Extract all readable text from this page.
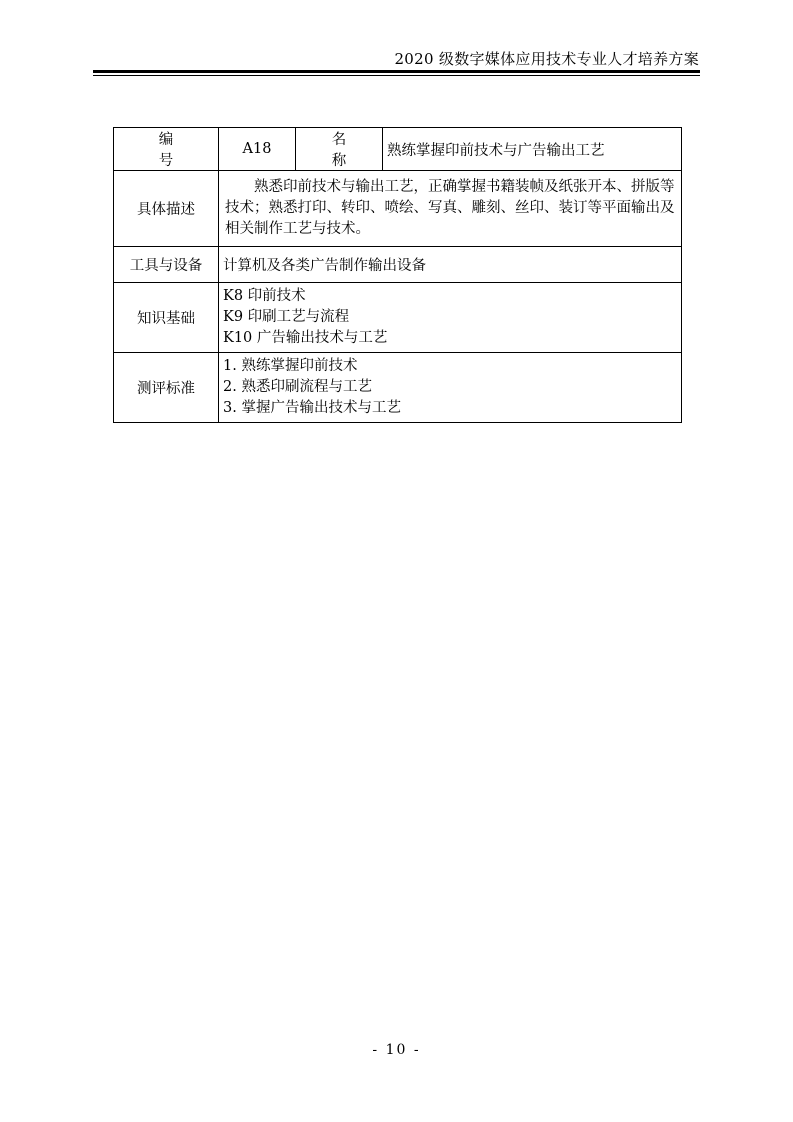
2020 级数字媒体应用技术专业人才培养方案
编号	A18	名称	熟练掌握印前技术与广告输出工艺
具体描述	熟悉印前技术与输出工艺，正确掌握书籍装帧及纸张开本、拼版等技术；熟悉打印、转印、喷绘、写真、雕刻、丝印、装订等平面输出及相关制作工艺与技术。		
工具与设备	计算机及各类广告制作输出设备		
知识基础	K8 印前技术
K9 印刷工艺与流程
K10 广告输出技术与工艺		

测评标准	1. 熟练掌握印前技术
2. 熟悉印刷流程与工艺
3. 掌握广告输出技术与工艺		
- 10 -
